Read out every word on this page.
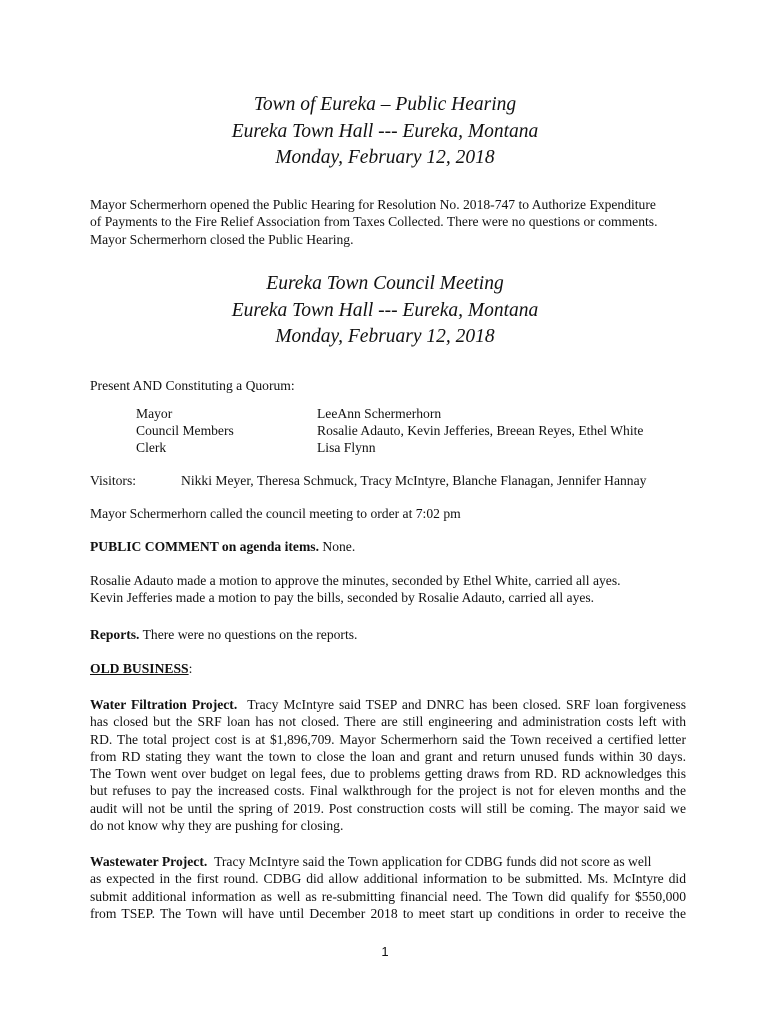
Town of Eureka – Public Hearing
Eureka Town Hall --- Eureka, Montana
Monday, February 12, 2018
Mayor Schermerhorn opened the Public Hearing for Resolution No. 2018-747 to Authorize Expenditure
of Payments to the Fire Relief Association from Taxes Collected. There were no questions or comments.
Mayor Schermerhorn closed the Public Hearing.
Eureka Town Council Meeting
Eureka Town Hall --- Eureka, Montana
Monday, February 12, 2018
Present AND Constituting a Quorum:
Mayor	LeeAnn Schermerhorn
Council Members	Rosalie Adauto, Kevin Jefferies, Breean Reyes, Ethel White
Clerk	Lisa Flynn
Visitors:	Nikki Meyer, Theresa Schmuck, Tracy McIntyre, Blanche Flanagan, Jennifer Hannay
Mayor Schermerhorn called the council meeting to order at 7:02 pm
PUBLIC COMMENT on agenda items. None.
Rosalie Adauto made a motion to approve the minutes, seconded by Ethel White, carried all ayes.
Kevin Jefferies made a motion to pay the bills, seconded by Rosalie Adauto, carried all ayes.
Reports. There were no questions on the reports.
OLD BUSINESS:
Water Filtration Project. Tracy McIntyre said TSEP and DNRC has been closed. SRF loan forgiveness
has closed but the SRF loan has not closed. There are still engineering and administration costs left with
RD. The total project cost is at $1,896,709. Mayor Schermerhorn said the Town received a certified letter
from RD stating they want the town to close the loan and grant and return unused funds within 30 days.
The Town went over budget on legal fees, due to problems getting draws from RD. RD acknowledges this
but refuses to pay the increased costs. Final walkthrough for the project is not for eleven months and the
audit will not be until the spring of 2019. Post construction costs will still be coming. The mayor said we
do not know why they are pushing for closing.
Wastewater Project. Tracy McIntyre said the Town application for CDBG funds did not score as well
as expected in the first round. CDBG did allow additional information to be submitted. Ms. McIntyre did
submit additional information as well as re-submitting financial need. The Town did qualify for $550,000
from TSEP. The Town will have until December 2018 to meet start up conditions in order to receive the
1
